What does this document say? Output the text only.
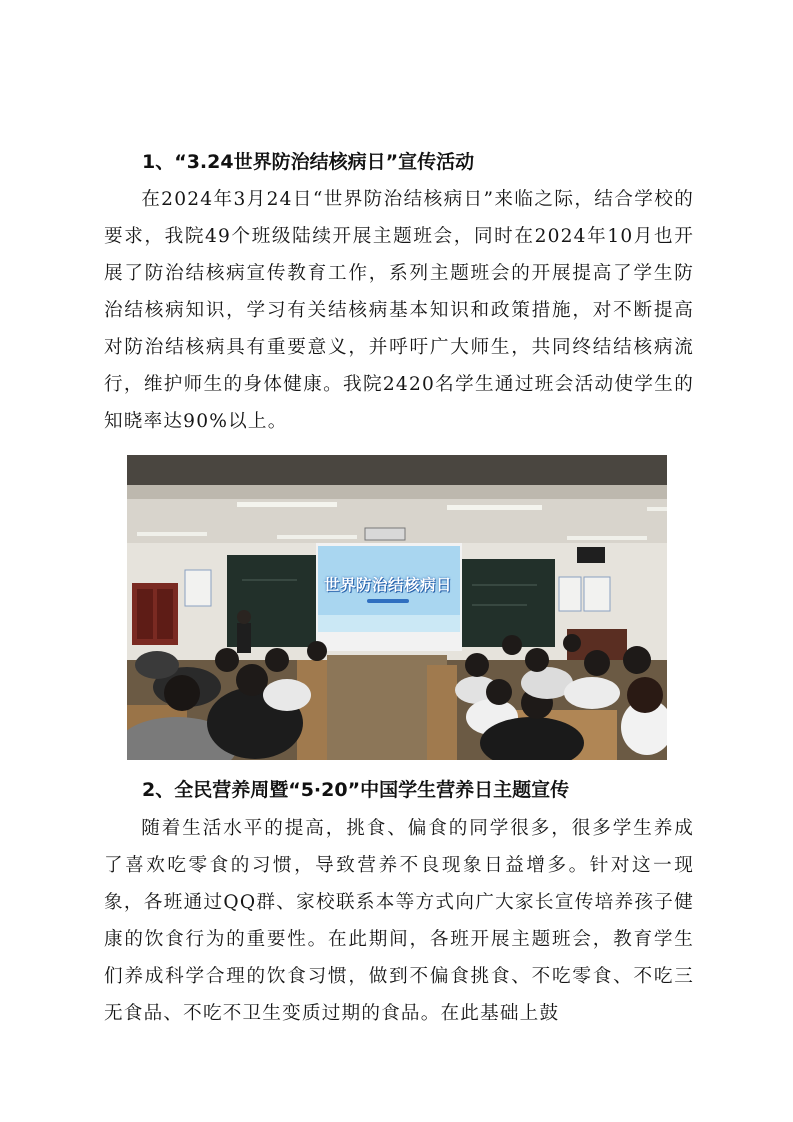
1、“3.24世界防治结核病日”宣传活动

在2024年3月24日“世界防治结核病日”来临之际，结合学校的要求，我院49个班级陆续开展主题班会，同时在2024年10月也开展了防治结核病宣传教育工作，系列主题班会的开展提高了学生防治结核病知识，学习有关结核病基本知识和政策措施，对不断提高对防治结核病具有重要意义，并呼吁广大师生，共同终结结核病流行，维护师生的身体健康。我院2420名学生通过班会活动使学生的知晓率达90%以上。

世界防治结核病日
2、全民营养周暨“5·20”中国学生营养日主题宣传

随着生活水平的提高，挑食、偏食的同学很多，很多学生养成了喜欢吃零食的习惯，导致营养不良现象日益增多。针对这一现象，各班通过QQ群、家校联系本等方式向广大家长宣传培养孩子健康的饮食行为的重要性。在此期间，各班开展主题班会，教育学生们养成科学合理的饮食习惯，做到不偏食挑食、不吃零食、不吃三无食品、不吃不卫生变质过期的食品。在此基础上鼓
